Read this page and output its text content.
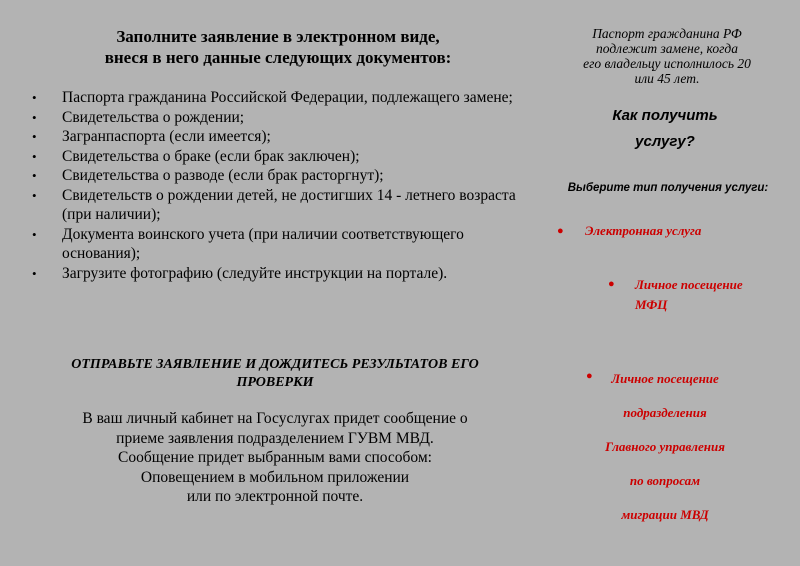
Заполните заявление в электронном виде,
внеся в него данные следующих документов:
• Паспорта гражданина Российской Федерации, подлежащего замене;
• Свидетельства о рождении;
• Загранпаспорта (если имеется);
• Свидетельства о браке (если брак заключен);
• Свидетельства о разводе (если брак расторгнут);
• Свидетельств о рождении детей, не достигших 14 - летнего возраста (при наличии);
• Документа воинского учета (при наличии соответствующего основания);
• Загрузите фотографию (следуйте инструкции на портале).
ОТПРАВЬТЕ ЗАЯВЛЕНИЕ И ДОЖДИТЕСЬ РЕЗУЛЬТАТОВ ЕГО ПРОВЕРКИ
В ваш личный кабинет на Госуслугах придет сообщение о
приеме заявления подразделением ГУВМ МВД.
Сообщение придет выбранным вами способом:
Оповещением в мобильном приложении
или по электронной почте.
Паспорт гражданина РФ
подлежит замене, когда
его владельцу исполнилось 20
или 45 лет.
Как получить
услугу?
Выберите тип получения услуги:
● Электронная услуга
● Личное посещение
МФЦ
●	Личное посещение
подразделения
Главного управления
по вопросам
миграции МВД
